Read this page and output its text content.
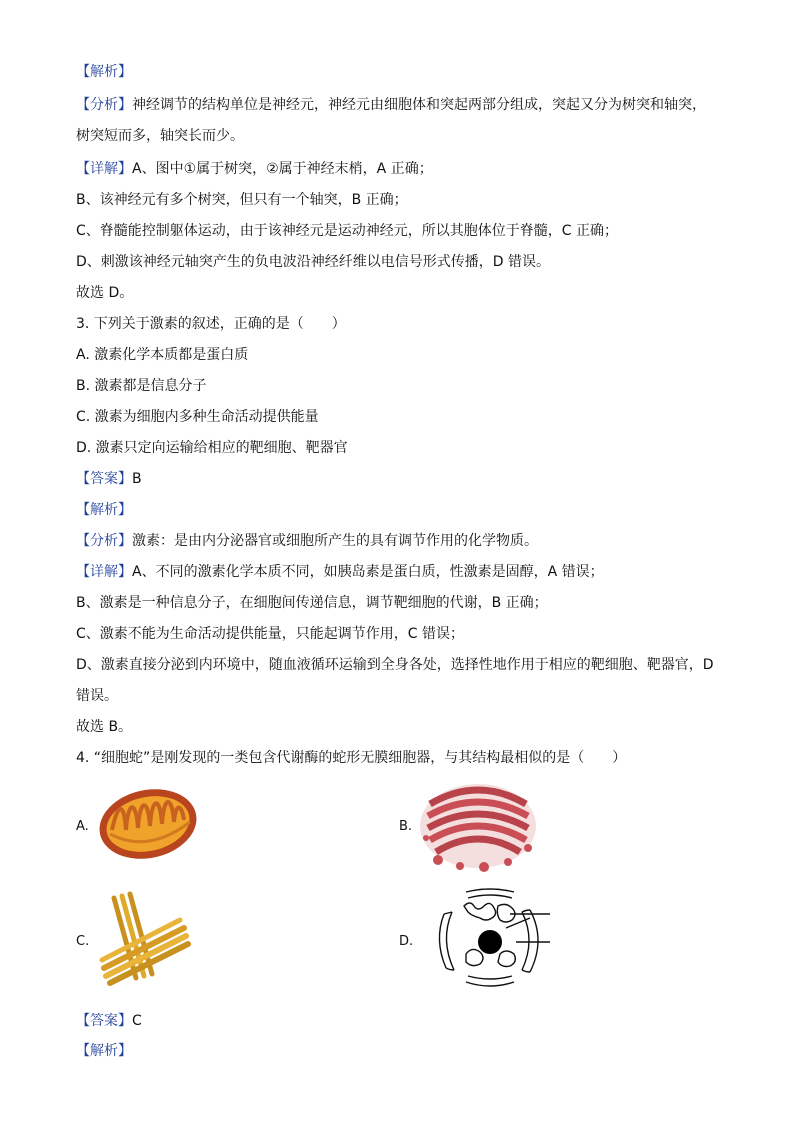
【解析】
【分析】神经调节的结构单位是神经元，神经元由细胞体和突起两部分组成，突起又分为树突和轴突，
树突短而多，轴突长而少。
【详解】A、图中①属于树突，②属于神经末梢，A 正确；
B、该神经元有多个树突，但只有一个轴突，B 正确；
C、脊髓能控制躯体运动，由于该神经元是运动神经元，所以其胞体位于脊髓，C 正确；
D、刺激该神经元轴突产生的负电波沿神经纤维以电信号形式传播，D 错误。
故选 D。
3. 下列关于激素的叙述，正确的是（　　）
A. 激素化学本质都是蛋白质
B. 激素都是信息分子
C. 激素为细胞内多种生命活动提供能量
D. 激素只定向运输给相应的靶细胞、靶器官
【答案】B
【解析】
【分析】激素：是由内分泌器官或细胞所产生的具有调节作用的化学物质。
【详解】A、不同的激素化学本质不同，如胰岛素是蛋白质，性激素是固醇，A 错误；
B、激素是一种信息分子，在细胞间传递信息，调节靶细胞的代谢，B 正确；
C、激素不能为生命活动提供能量，只能起调节作用，C 错误；
D、激素直接分泌到内环境中，随血液循环运输到全身各处，选择性地作用于相应的靶细胞、靶器官，D
错误。
故选 B。
4. “细胞蛇”是刚发现的一类包含代谢酶的蛇形无膜细胞器，与其结构最相似的是（　　）
A.	B.
C.	D.
【答案】C
【解析】
